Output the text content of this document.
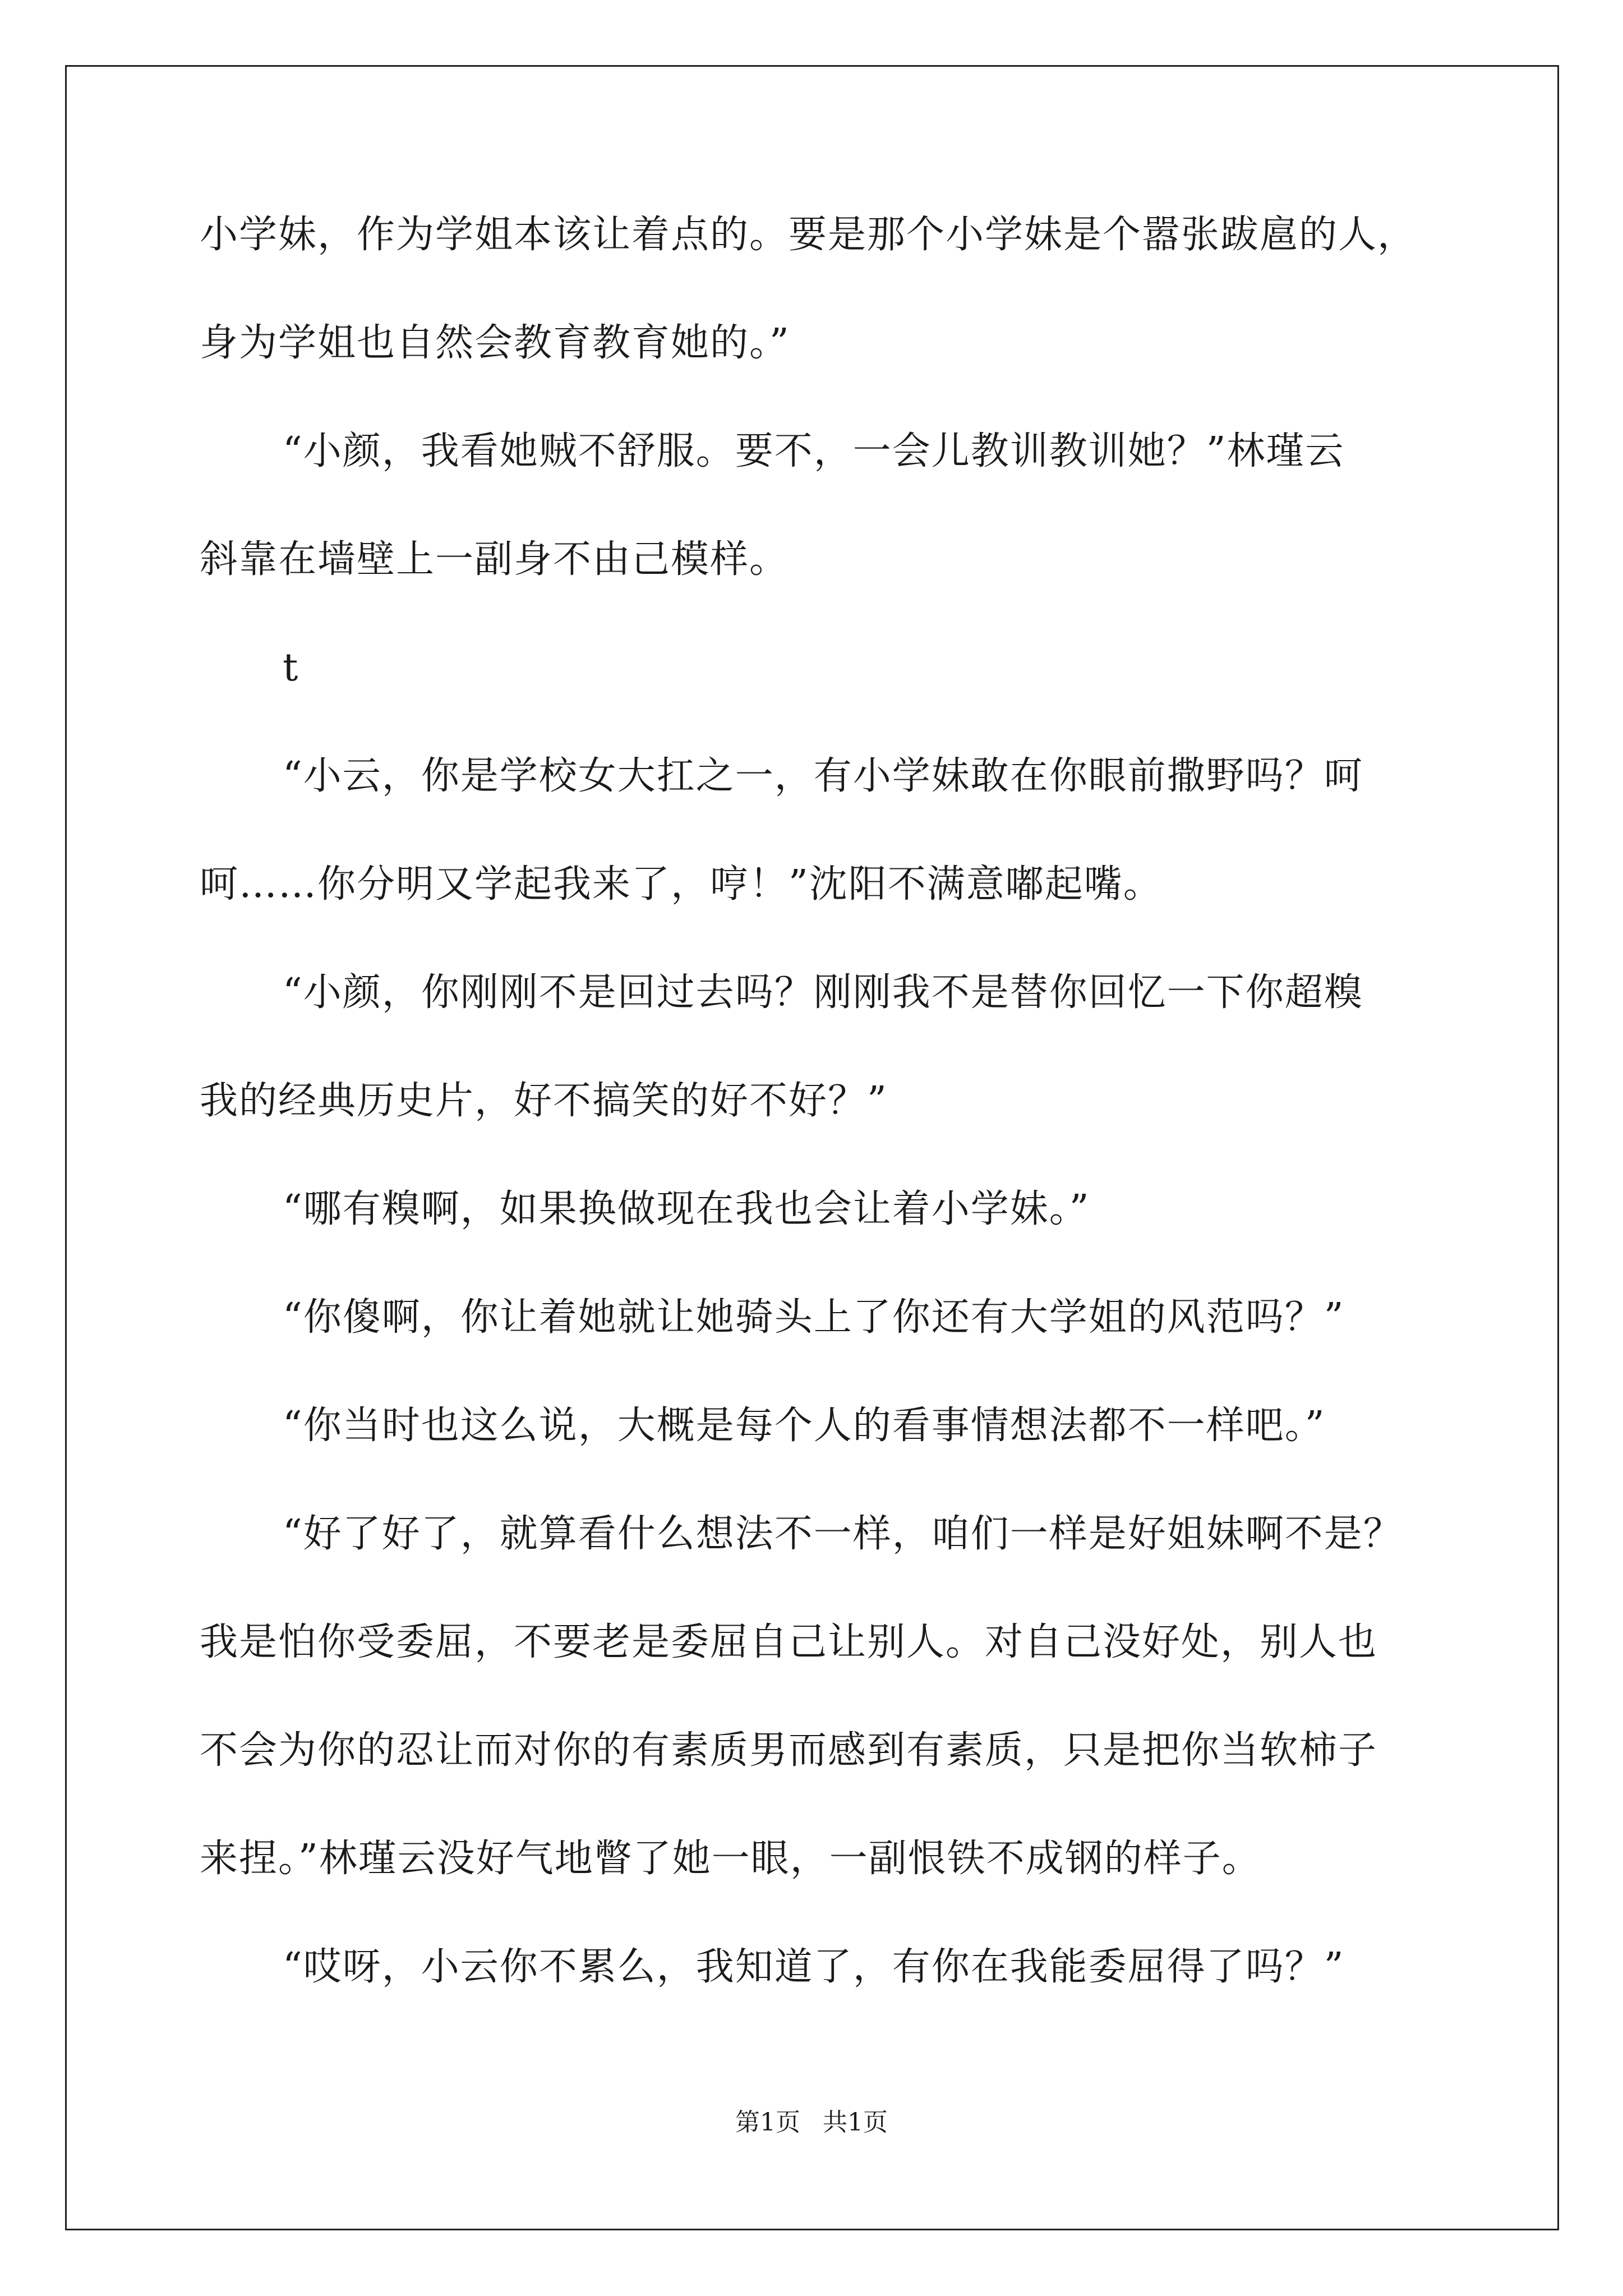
小学妹，作为学姐本该让着点的。要是那个小学妹是个嚣张跋扈的人，
身为学姐也自然会教育教育她的。”
“小颜，我看她贼不舒服。要不，一会儿教训教训她？”林瑾云
斜靠在墙壁上一副身不由己模样。
t
“小云，你是学校女大扛之一，有小学妹敢在你眼前撒野吗？呵
呵……你分明又学起我来了，哼！”沈阳不满意嘟起嘴。
“小颜，你刚刚不是回过去吗？刚刚我不是替你回忆一下你超糗
我的经典历史片，好不搞笑的好不好？”
“哪有糗啊，如果换做现在我也会让着小学妹。”
“你傻啊，你让着她就让她骑头上了你还有大学姐的风范吗？”
“你当时也这么说，大概是每个人的看事情想法都不一样吧。”
“好了好了，就算看什么想法不一样，咱们一样是好姐妹啊不是？
我是怕你受委屈，不要老是委屈自己让别人。对自己没好处，别人也
不会为你的忍让而对你的有素质男而感到有素质，只是把你当软柿子
来捏。”林瑾云没好气地瞥了她一眼，一副恨铁不成钢的样子。
“哎呀，小云你不累么，我知道了，有你在我能委屈得了吗？”
第1页 共1页
